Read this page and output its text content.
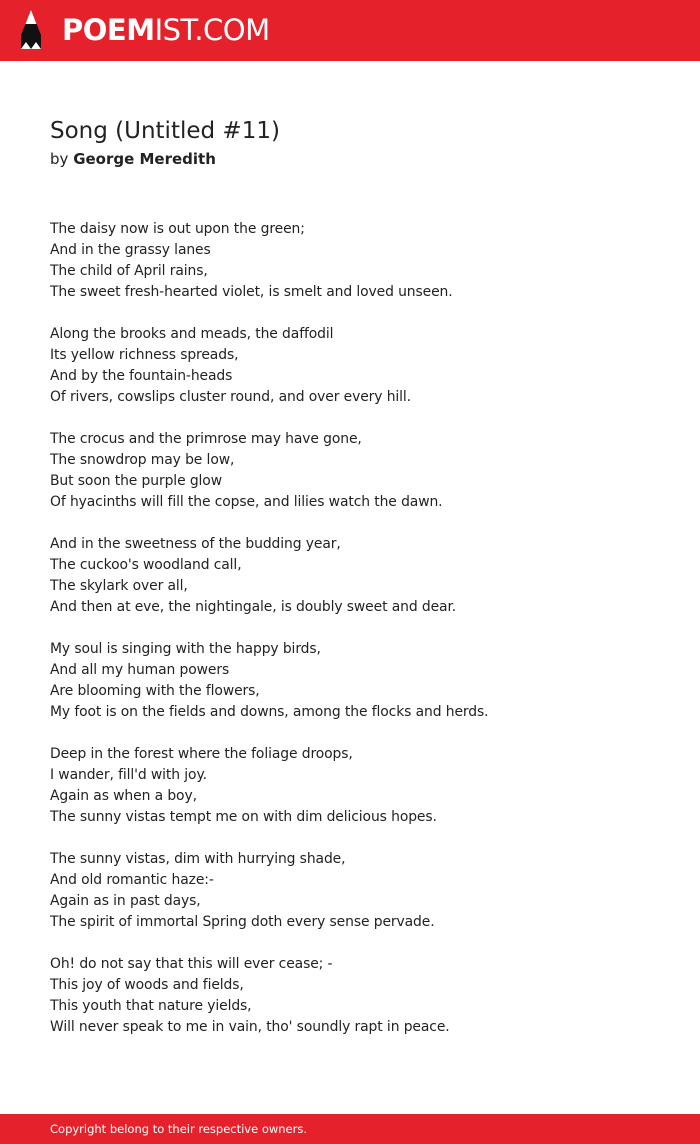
POEMIST.COM
Song (Untitled #11)
by George Meredith
The daisy now is out upon the green;
And in the grassy lanes
The child of April rains,
The sweet fresh-hearted violet, is smelt and loved unseen.
Along the brooks and meads, the daffodil
Its yellow richness spreads,
And by the fountain-heads
Of rivers, cowslips cluster round, and over every hill.
The crocus and the primrose may have gone,
The snowdrop may be low,
But soon the purple glow
Of hyacinths will fill the copse, and lilies watch the dawn.
And in the sweetness of the budding year,
The cuckoo's woodland call,
The skylark over all,
And then at eve, the nightingale, is doubly sweet and dear.
My soul is singing with the happy birds,
And all my human powers
Are blooming with the flowers,
My foot is on the fields and downs, among the flocks and herds.
Deep in the forest where the foliage droops,
I wander, fill'd with joy.
Again as when a boy,
The sunny vistas tempt me on with dim delicious hopes.
The sunny vistas, dim with hurrying shade,
And old romantic haze:-
Again as in past days,
The spirit of immortal Spring doth every sense pervade.
Oh! do not say that this will ever cease; -
This joy of woods and fields,
This youth that nature yields,
Will never speak to me in vain, tho' soundly rapt in peace.
Copyright belong to their respective owners.
